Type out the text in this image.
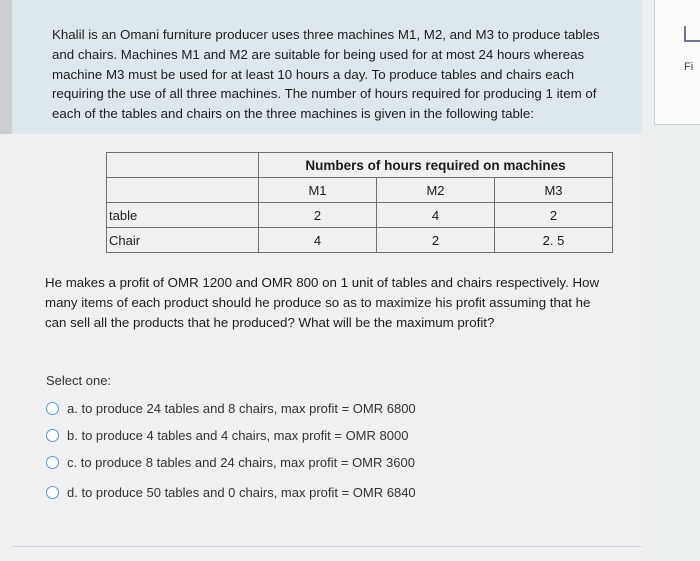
Fi
Khalil is an Omani furniture producer uses three machines M1, M2, and M3 to produce tables
and chairs. Machines M1 and M2 are suitable for being used for at most 24 hours whereas
machine M3 must be used for at least 10 hours a day. To produce tables and chairs each
requiring the use of all three machines. The number of hours required for producing 1 item of
each of the tables and chairs on the three machines is given in the following table:
	Numbers of hours required on machines		
	M1	M2	M3
table	2	4	2
Chair	4	2	2. 5
He makes a profit of OMR 1200 and OMR 800 on 1 unit of tables and chairs respectively. How
many items of each product should he produce so as to maximize his profit assuming that he
can sell all the products that he produced? What will be the maximum profit?
Select one:
a. to produce 24 tables and 8 chairs, max profit = OMR 6800
b. to produce 4 tables and 4 chairs, max profit = OMR 8000
c. to produce 8 tables and 24 chairs, max profit = OMR 3600
d. to produce 50 tables and 0 chairs, max profit = OMR 6840
